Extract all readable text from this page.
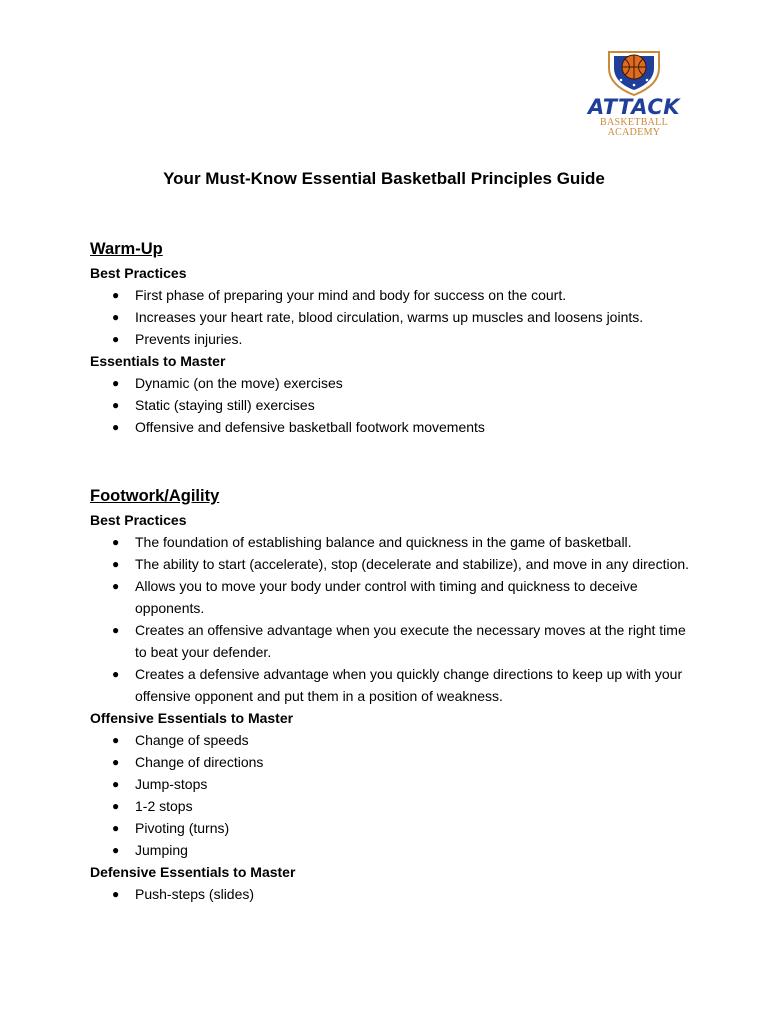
ATTACK
BASKETBALL
ACADEMY
Your Must-Know Essential Basketball Principles Guide
Warm-Up
Best Practices
● First phase of preparing your mind and body for success on the court.
● Increases your heart rate, blood circulation, warms up muscles and loosens joints.
● Prevents injuries.
Essentials to Master
● Dynamic (on the move) exercises
● Static (staying still) exercises
● Offensive and defensive basketball footwork movements
Footwork/Agility
Best Practices
● The foundation of establishing balance and quickness in the game of basketball.
● The ability to start (accelerate), stop (decelerate and stabilize), and move in any direction.
● Allows you to move your body under control with timing and quickness to deceive opponents.
● Creates an offensive advantage when you execute the necessary moves at the right time to beat your defender.
● Creates a defensive advantage when you quickly change directions to keep up with your offensive opponent and put them in a position of weakness.
Offensive Essentials to Master
● Change of speeds
● Change of directions
● Jump-stops
● 1-2 stops
● Pivoting (turns)
● Jumping
Defensive Essentials to Master
● Push-steps (slides)
